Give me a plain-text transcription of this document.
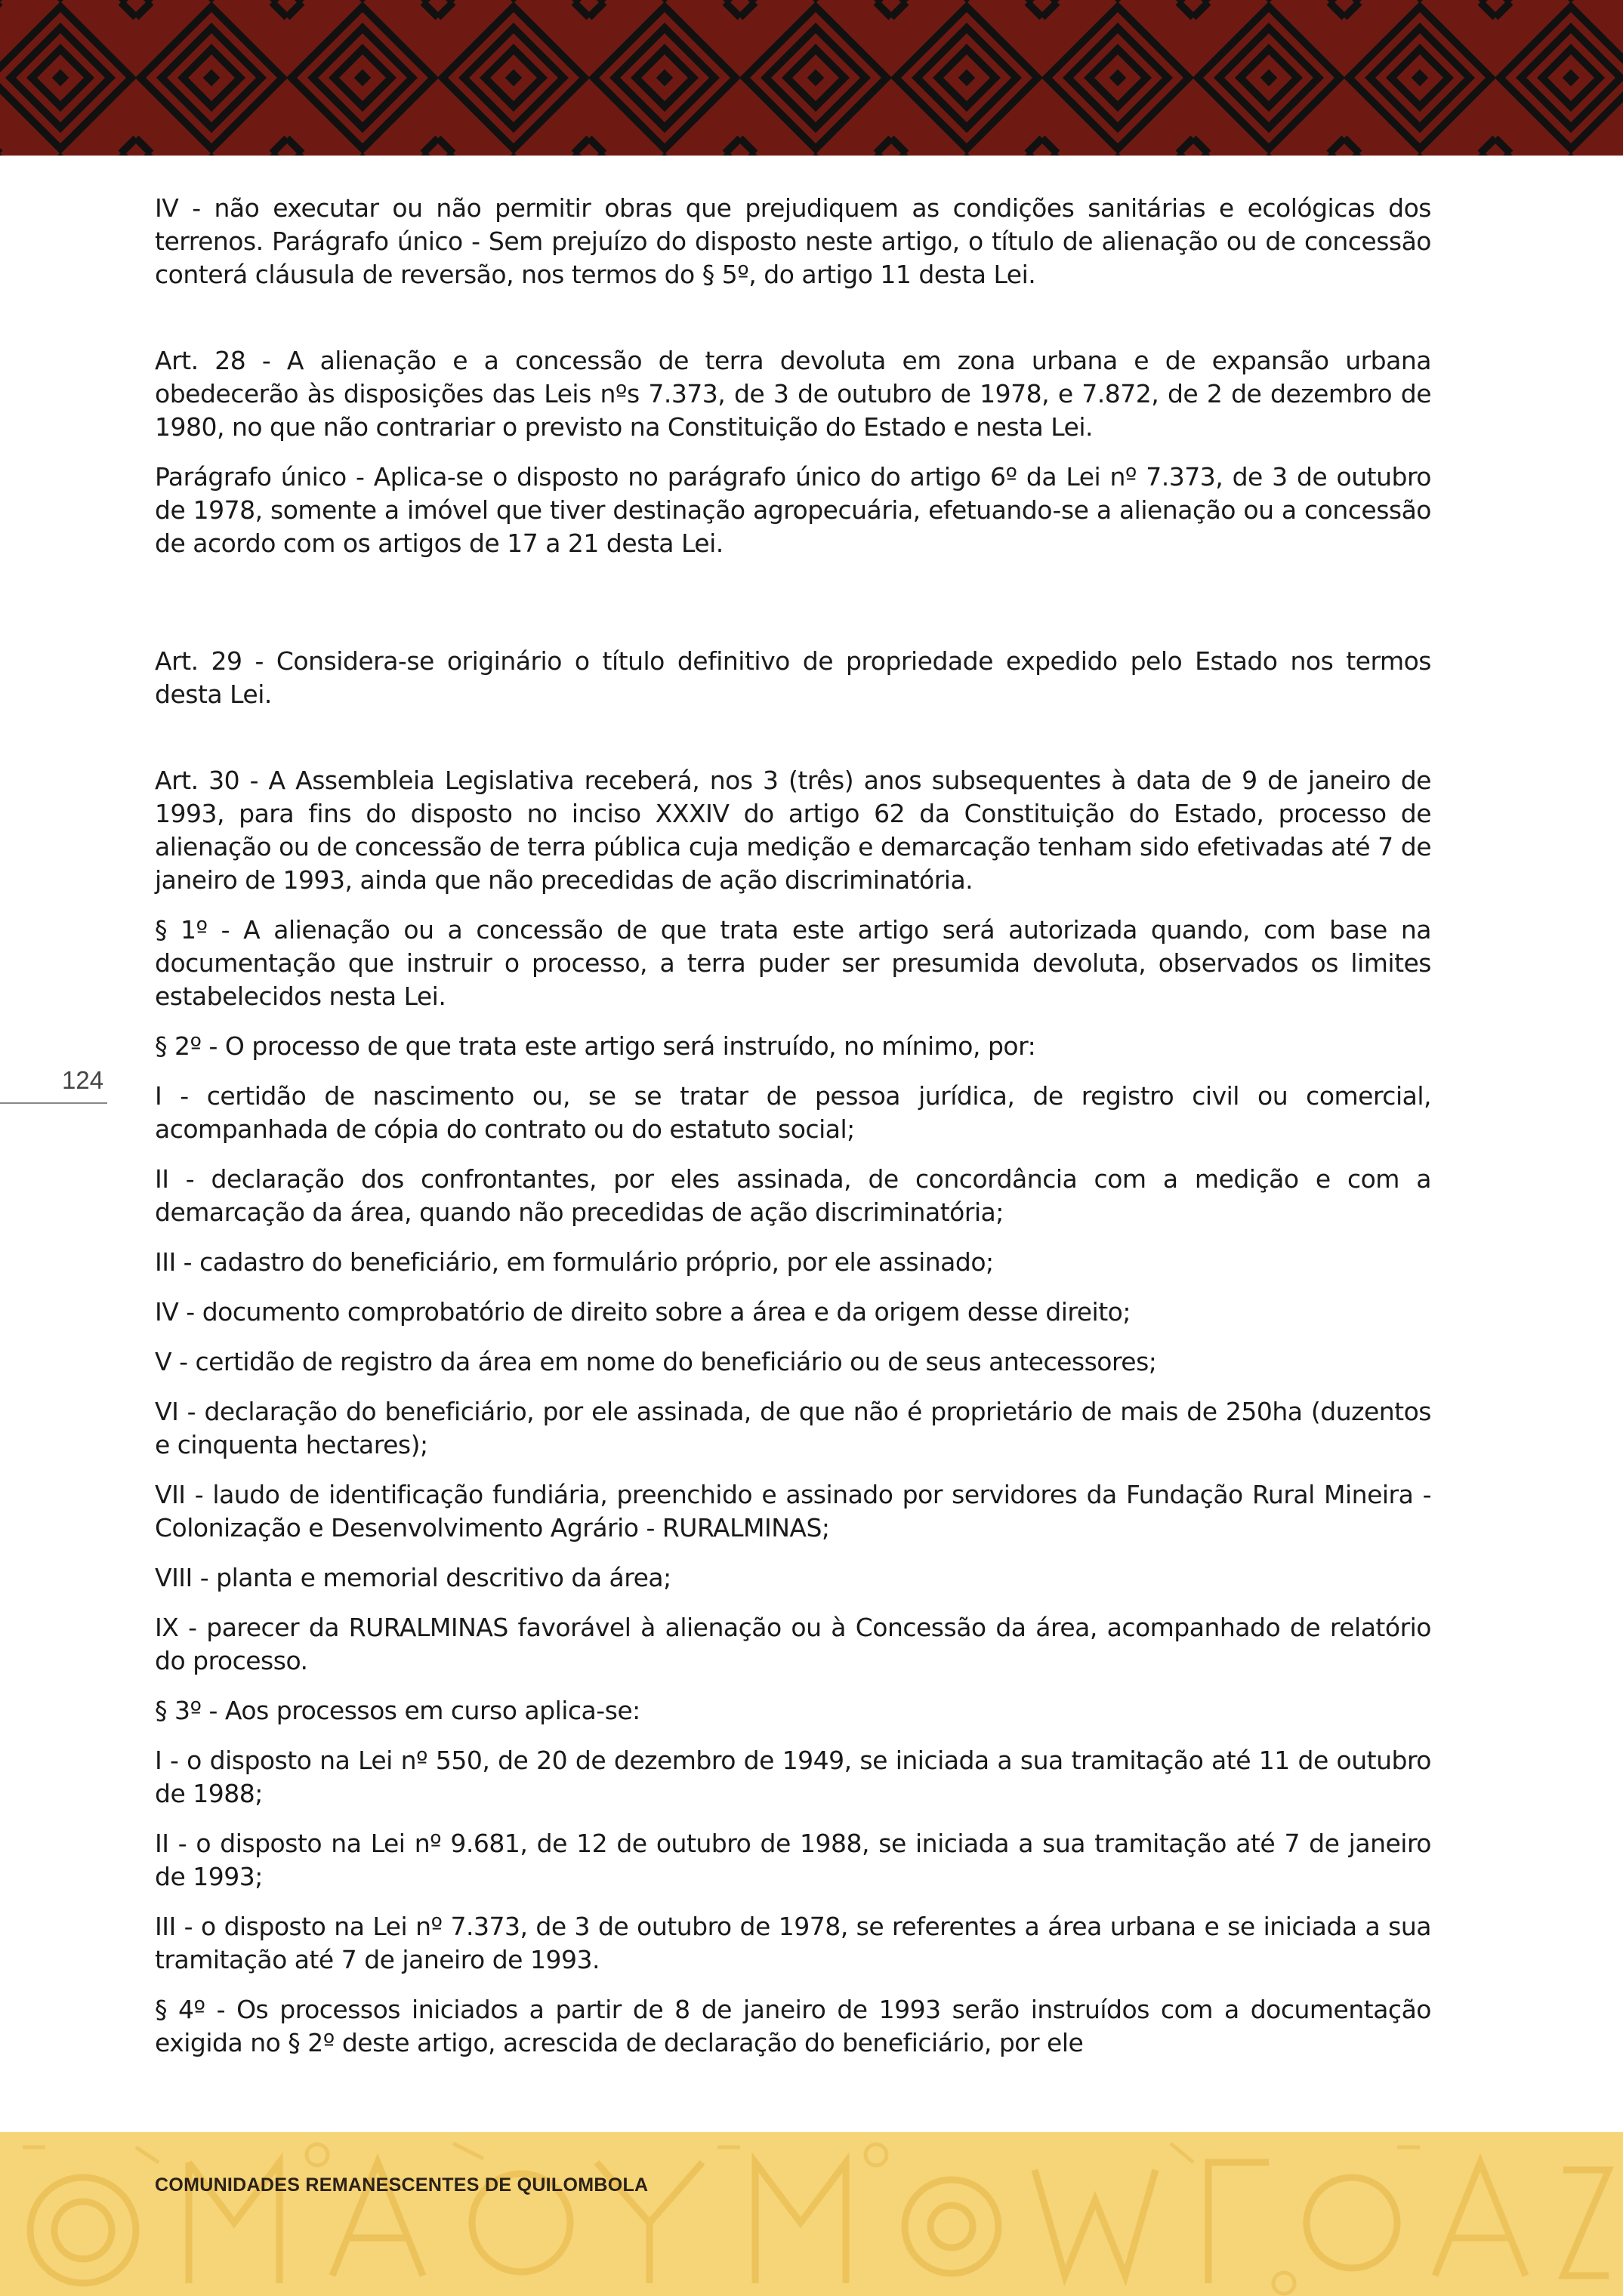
124

IV - não executar ou não permitir obras que prejudiquem as condições sanitárias e ecológicas dos terrenos. Parágrafo único - Sem prejuízo do disposto neste artigo, o título de alienação ou de concessão conterá cláusula de reversão, nos termos do § 5º, do artigo 11 desta Lei.

Art. 28 - A alienação e a concessão de terra devoluta em zona urbana e de expansão urbana obedecerão às disposições das Leis nºs 7.373, de 3 de outubro de 1978, e 7.872, de 2 de dezembro de 1980, no que não contrariar o previsto na Constituição do Estado e nesta Lei.

Parágrafo único - Aplica-se o disposto no parágrafo único do artigo 6º da Lei nº 7.373, de 3 de outubro de 1978, somente a imóvel que tiver destinação agropecuária, efetuando-se a alienação ou a concessão de acordo com os artigos de 17 a 21 desta Lei.

Art. 29 - Considera-se originário o título definitivo de propriedade expedido pelo Estado nos termos desta Lei.

Art. 30 - A Assembleia Legislativa receberá, nos 3 (três) anos subsequentes à data de 9 de janeiro de 1993, para fins do disposto no inciso XXXIV do artigo 62 da Constituição do Estado, processo de alienação ou de concessão de terra pública cuja medição e demarcação tenham sido efetivadas até 7 de janeiro de 1993, ainda que não precedidas de ação discriminatória.

§ 1º - A alienação ou a concessão de que trata este artigo será autorizada quando, com base na documentação que instruir o processo, a terra puder ser presumida devoluta, observados os limites estabelecidos nesta Lei.

§ 2º - O processo de que trata este artigo será instruído, no mínimo, por:

I - certidão de nascimento ou, se se tratar de pessoa jurídica, de registro civil ou comercial, acompanhada de cópia do contrato ou do estatuto social;

II - declaração dos confrontantes, por eles assinada, de concordância com a medição e com a demarcação da área, quando não precedidas de ação discriminatória;

III - cadastro do beneficiário, em formulário próprio, por ele assinado;

IV - documento comprobatório de direito sobre a área e da origem desse direito;

V - certidão de registro da área em nome do beneficiário ou de seus antecessores;

VI - declaração do beneficiário, por ele assinada, de que não é proprietário de mais de 250ha (duzentos e cinquenta hectares);

VII - laudo de identificação fundiária, preenchido e assinado por servidores da Fundação Rural Mineira - Colonização e Desenvolvimento Agrário - RURALMINAS;

VIII - planta e memorial descritivo da área;

IX - parecer da RURALMINAS favorável à alienação ou à Concessão da área, acompanhado de relatório do processo.

§ 3º - Aos processos em curso aplica-se:

I - o disposto na Lei nº 550, de 20 de dezembro de 1949, se iniciada a sua tramitação até 11 de outubro de 1988;

II - o disposto na Lei nº 9.681, de 12 de outubro de 1988, se iniciada a sua tramitação até 7 de janeiro de 1993;

III - o disposto na Lei nº 7.373, de 3 de outubro de 1978, se referentes a área urbana e se iniciada a sua tramitação até 7 de janeiro de 1993.

§ 4º - Os processos iniciados a partir de 8 de janeiro de 1993 serão instruídos com a documentação exigida no § 2º deste artigo, acrescida de declaração do beneficiário, por ele

COMUNIDADES REMANESCENTES DE QUILOMBOLA
